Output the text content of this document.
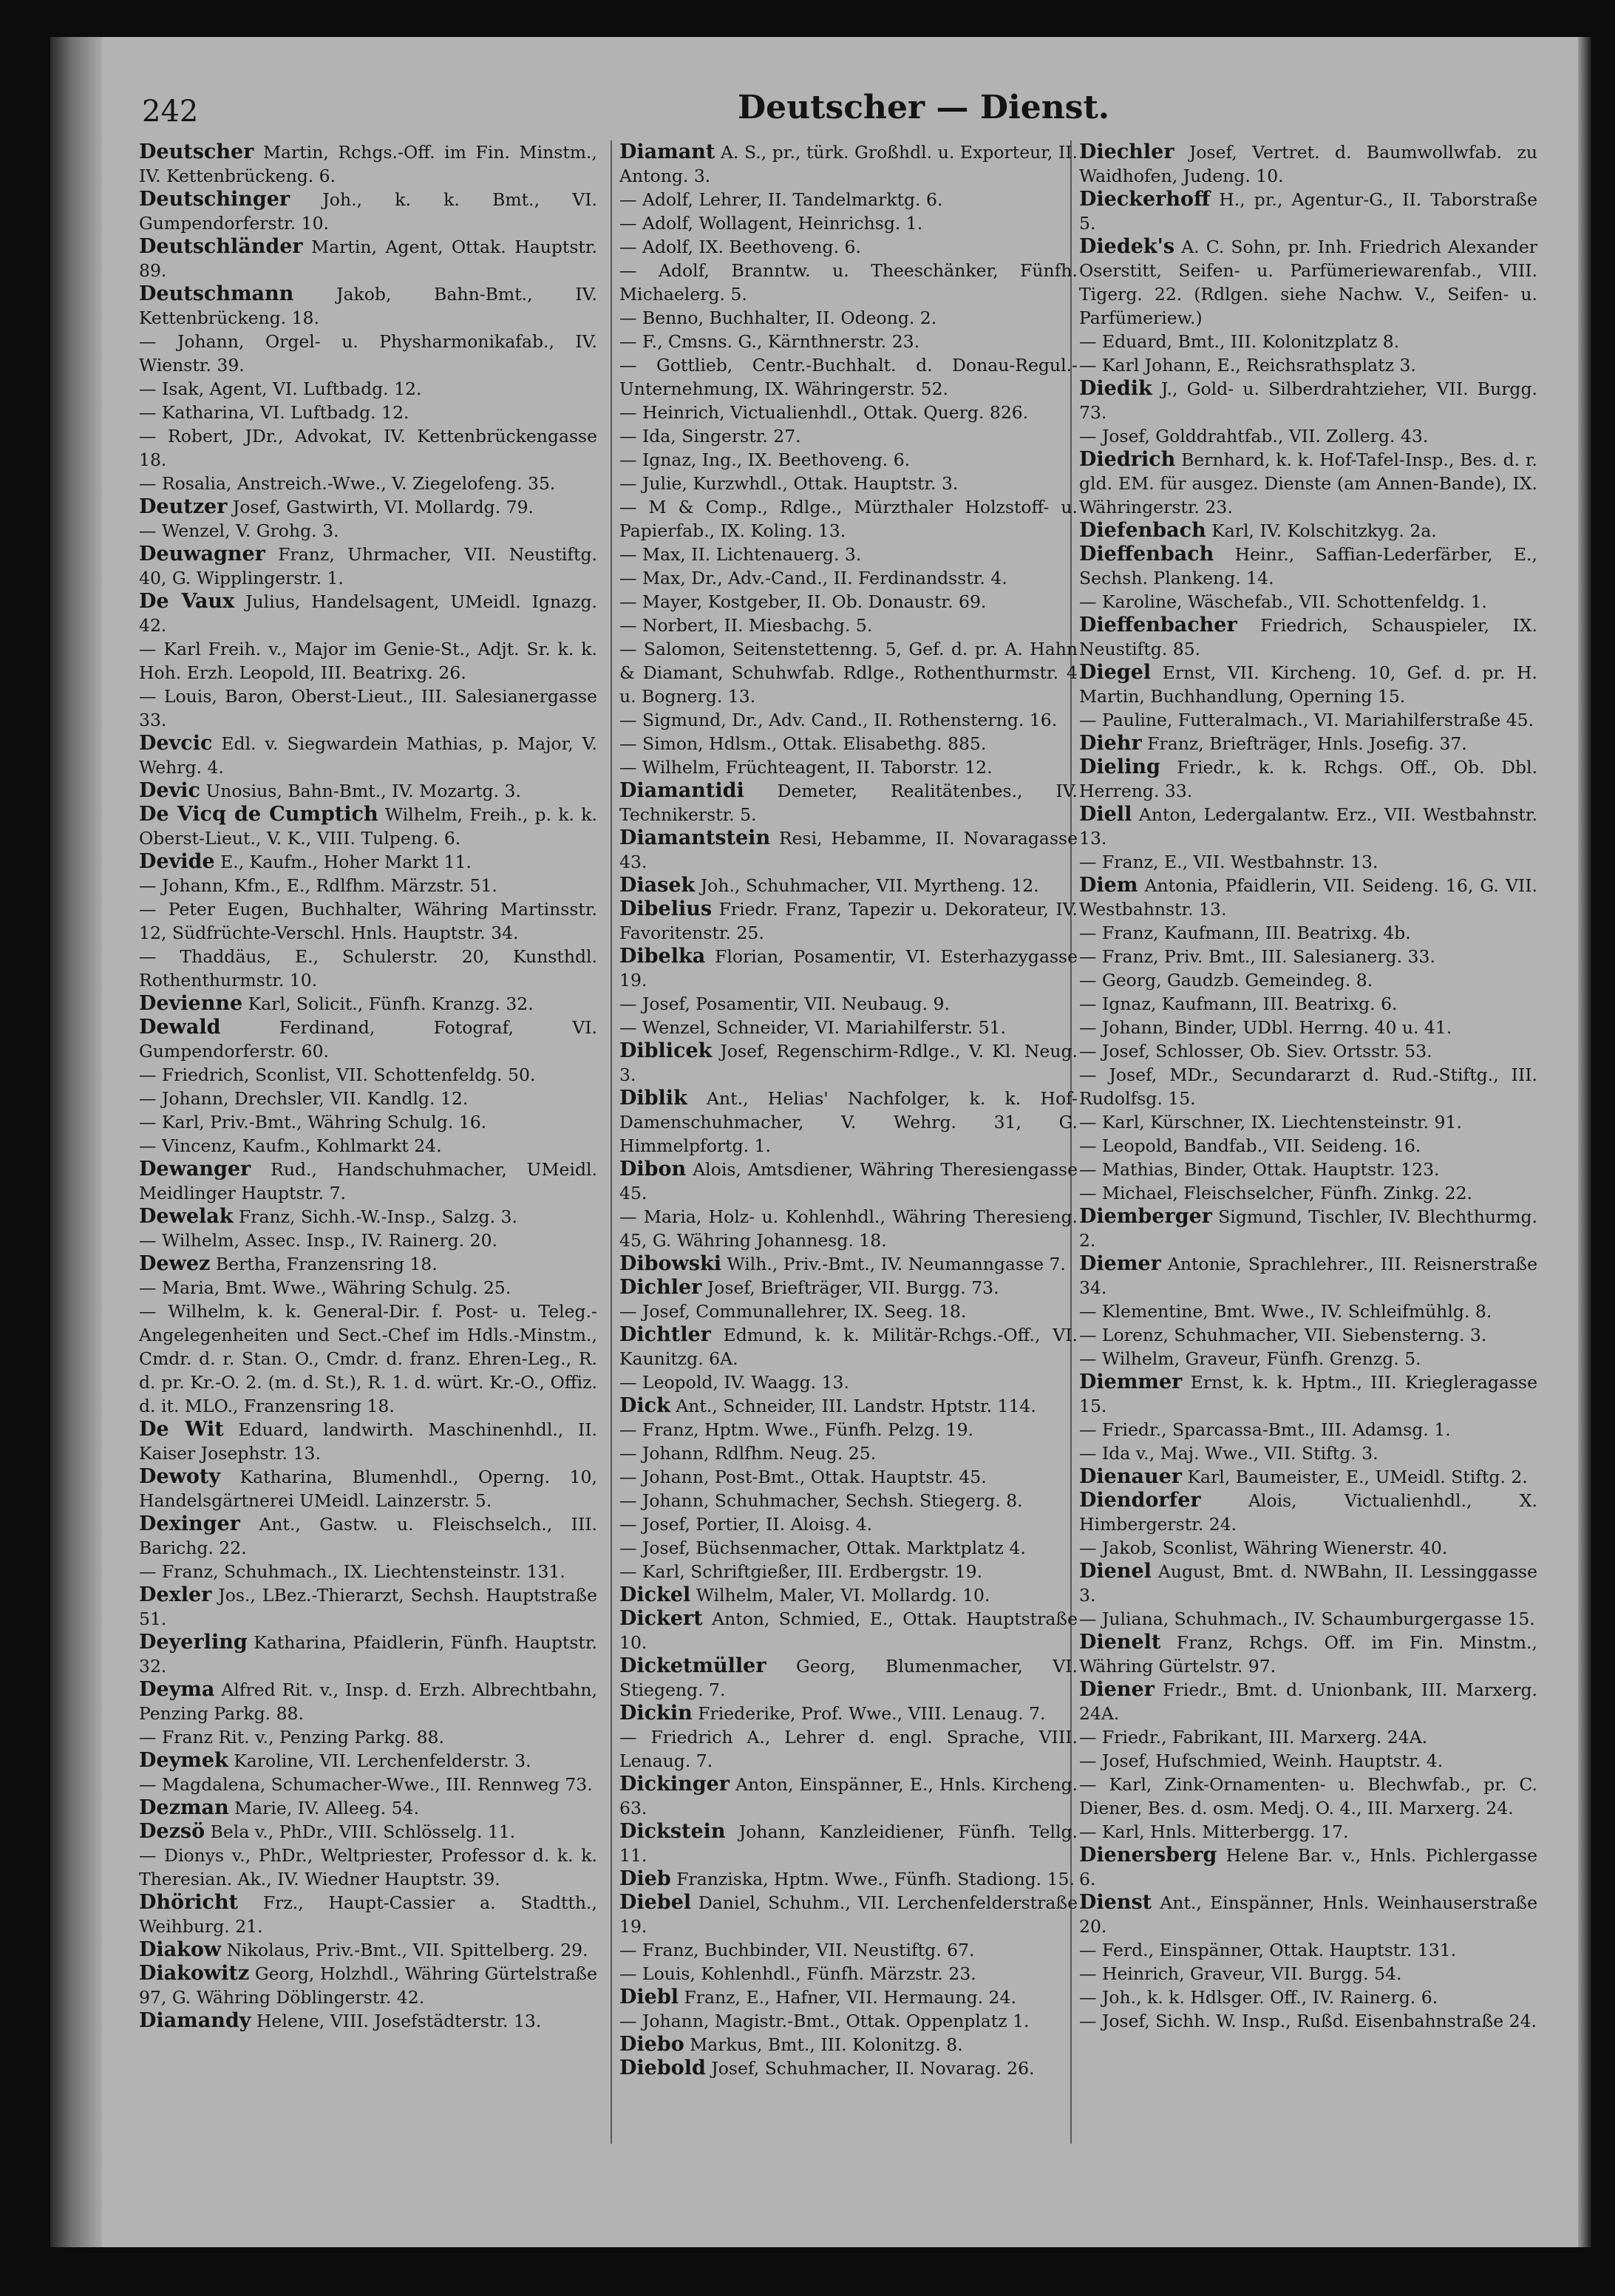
242	Deutscher — Dienst.

Deutscher Martin, Rchgs.-Off. im Fin. Minstm., IV. Kettenbrückeng. 6.

Deutschinger Joh., k. k. Bmt., VI. Gumpendorferstr. 10.

Deutschländer Martin, Agent, Ottak. Hauptstr. 89.

Deutschmann Jakob, Bahn-Bmt., IV. Kettenbrückeng. 18.

— Johann, Orgel- u. Physharmonikafab., IV. Wienstr. 39.

— Isak, Agent, VI. Luftbadg. 12.

— Katharina, VI. Luftbadg. 12.

— Robert, JDr., Advokat, IV. Kettenbrückengasse 18.

— Rosalia, Anstreich.-Wwe., V. Ziegelofeng. 35.

Deutzer Josef, Gastwirth, VI. Mollardg. 79.

— Wenzel, V. Grohg. 3.

Deuwagner Franz, Uhrmacher, VII. Neustiftg. 40, G. Wipplingerstr. 1.

De Vaux Julius, Handelsagent, UMeidl. Ignazg. 42.

— Karl Freih. v., Major im Genie-St., Adjt. Sr. k. k. Hoh. Erzh. Leopold, III. Beatrixg. 26.

— Louis, Baron, Oberst-Lieut., III. Salesianergasse 33.

Devcic Edl. v. Siegwardein Mathias, p. Major, V. Wehrg. 4.

Devic Unosius, Bahn-Bmt., IV. Mozartg. 3.

De Vicq de Cumptich Wilhelm, Freih., p. k. k. Oberst-Lieut., V. K., VIII. Tulpeng. 6.

Devide E., Kaufm., Hoher Markt 11.

— Johann, Kfm., E., Rdlfhm. Märzstr. 51.

— Peter Eugen, Buchhalter, Währing Martinsstr. 12, Südfrüchte-Verschl. Hnls. Hauptstr. 34.

— Thaddäus, E., Schulerstr. 20, Kunsthdl. Rothenthurmstr. 10.

Devienne Karl, Solicit., Fünfh. Kranzg. 32.

Dewald	Ferdinand, Fotograf, VI. Gumpendorferstr. 60.

— Friedrich, Sconlist, VII. Schottenfeldg. 50.

— Johann, Drechsler, VII. Kandlg. 12.

— Karl, Priv.-Bmt., Währing Schulg. 16.

— Vincenz, Kaufm., Kohlmarkt 24.

Dewanger Rud., Handschuhmacher, UMeidl. Meidlinger Hauptstr. 7.

Dewelak Franz, Sichh.-W.-Insp., Salzg. 3.

— Wilhelm, Assec. Insp., IV. Rainerg. 20.

Dewez Bertha, Franzensring 18.

— Maria, Bmt. Wwe., Währing Schulg. 25.

— Wilhelm, k. k. General-Dir. f. Post- u. Teleg.-Angelegenheiten und Sect.-Chef im Hdls.-Minstm., Cmdr. d. r. Stan. O., Cmdr. d. franz. Ehren-Leg., R. d. pr. Kr.-O. 2. (m. d. St.), R. 1. d. würt. Kr.-O., Offiz. d. it. MLO., Franzensring 18.

De Wit Eduard, landwirth. Maschinenhdl., II. Kaiser Josephstr. 13.

Dewoty Katharina, Blumenhdl., Operng. 10, Handelsgärtnerei UMeidl. Lainzerstr. 5.

Dexinger Ant., Gastw. u. Fleischselch., III. Barichg. 22.

— Franz, Schuhmach., IX. Liechtensteinstr. 131.

Dexler Jos., LBez.-Thierarzt, Sechsh. Hauptstraße 51.

Deyerling Katharina, Pfaidlerin, Fünfh. Hauptstr. 32.

Deyma Alfred Rit. v., Insp. d. Erzh. Albrechtbahn, Penzing Parkg. 88.

— Franz Rit. v., Penzing Parkg. 88.

Deymek Karoline, VII. Lerchenfelderstr. 3.

— Magdalena, Schumacher-Wwe., III. Rennweg 73.

Dezman Marie, IV. Alleeg. 54.

Dezsö Bela v., PhDr., VIII. Schlösselg. 11.

— Dionys v., PhDr., Weltpriester, Professor d. k. k. Theresian. Ak., IV. Wiedner Hauptstr. 39.

Dhöricht Frz., Haupt-Cassier a. Stadtth., Weihburg. 21.

Diakow Nikolaus, Priv.-Bmt., VII. Spittelberg. 29.

Diakowitz Georg, Holzhdl., Währing Gürtelstraße 97, G. Währing Döblingerstr. 42.

Diamandy Helene, VIII. Josefstädterstr. 13.

Diamant A. S., pr., türk. Großhdl. u. Exporteur, II. Antong. 3.

— Adolf, Lehrer, II. Tandelmarktg. 6.

— Adolf, Wollagent, Heinrichsg. 1.

— Adolf, IX. Beethoveng. 6.

— Adolf, Branntw. u. Theeschänker, Fünfh. Michaelerg. 5.

— Benno, Buchhalter, II. Odeong. 2.

— F., Cmsns. G., Kärnthnerstr. 23.

— Gottlieb, Centr.-Buchhalt. d. Donau-Regul.-Unternehmung, IX. Währingerstr. 52.

— Heinrich, Victualienhdl., Ottak. Querg. 826.

— Ida, Singerstr. 27.

— Ignaz, Ing., IX. Beethoveng. 6.

— Julie, Kurzwhdl., Ottak. Hauptstr. 3.

— M & Comp., Rdlge., Mürzthaler Holzstoff- u. Papierfab., IX. Koling. 13.

— Max, II. Lichtenauerg. 3.

— Max, Dr., Adv.-Cand., II. Ferdinandsstr. 4.

— Mayer, Kostgeber, II. Ob. Donaustr. 69.

— Norbert, II. Miesbachg. 5.

— Salomon, Seitenstettenng. 5, Gef. d. pr. A. Hahn & Diamant, Schuhwfab. Rdlge., Rothenthurmstr. 4 u. Bognerg. 13.

— Sigmund, Dr., Adv. Cand., II. Rothensterng. 16.

— Simon, Hdlsm., Ottak. Elisabethg. 885.

— Wilhelm, Früchteagent, II. Taborstr. 12.

Diamantidi Demeter, Realitätenbes., IV. Technikerstr. 5.

Diamantstein Resi, Hebamme, II. Novaragasse 43.

Diasek Joh., Schuhmacher, VII. Myrtheng. 12.

Dibelius Friedr. Franz, Tapezir u. Dekorateur, IV. Favoritenstr. 25.

Dibelka Florian, Posamentir, VI. Esterhazygasse 19.

— Josef, Posamentir, VII. Neubaug. 9.

— Wenzel, Schneider, VI. Mariahilferstr. 51.

Diblicek Josef, Regenschirm-Rdlge., V. Kl. Neug. 3.

Diblik Ant., Helias' Nachfolger, k. k. Hof-Damenschuhmacher, V. Wehrg. 31, G. Himmelpfortg. 1.

Dibon Alois, Amtsdiener, Währing Theresiengasse 45.

— Maria, Holz- u. Kohlenhdl., Währing Theresieng. 45, G. Währing Johannesg. 18.

Dibowski Wilh., Priv.-Bmt., IV. Neumanngasse 7.

Dichler Josef, Briefträger, VII. Burgg. 73.

— Josef, Communallehrer, IX. Seeg. 18.

Dichtler Edmund, k. k. Militär-Rchgs.-Off., VI. Kaunitzg. 6A.

— Leopold, IV. Waagg. 13.

Dick Ant., Schneider, III. Landstr. Hptstr. 114.

— Franz, Hptm. Wwe., Fünfh. Pelzg. 19.

— Johann, Rdlfhm. Neug. 25.

— Johann, Post-Bmt., Ottak. Hauptstr. 45.

— Johann, Schuhmacher, Sechsh. Stiegerg. 8.

— Josef, Portier, II. Aloisg. 4.

— Josef, Büchsenmacher, Ottak. Marktplatz 4.

— Karl, Schriftgießer, III. Erdbergstr. 19.

Dickel Wilhelm, Maler, VI. Mollardg. 10.

Dickert Anton, Schmied, E., Ottak. Hauptstraße 10.

Dicketmüller Georg, Blumenmacher, VI. Stiegeng. 7.

Dickin Friederike, Prof. Wwe., VIII. Lenaug. 7.

— Friedrich A., Lehrer d. engl. Sprache, VIII. Lenaug. 7.

Dickinger Anton, Einspänner, E., Hnls. Kircheng. 63.

Dickstein Johann, Kanzleidiener, Fünfh. Tellg. 11.

Dieb Franziska, Hptm. Wwe., Fünfh. Stadiong. 15.

Diebel Daniel, Schuhm., VII. Lerchenfelderstraße 19.

— Franz, Buchbinder, VII. Neustiftg. 67.

— Louis, Kohlenhdl., Fünfh. Märzstr. 23.

Diebl Franz, E., Hafner, VII. Hermaung. 24.

— Johann, Magistr.-Bmt., Ottak. Oppenplatz 1.

Diebo Markus, Bmt., III. Kolonitzg. 8.

Diebold Josef, Schuhmacher, II. Novarag. 26.

Diechler Josef, Vertret. d. Baumwollwfab. zu Waidhofen, Judeng. 10.

Dieckerhoff H., pr., Agentur-G., II. Taborstraße 5.

Diedek's A. C. Sohn, pr. Inh. Friedrich Alexander Oserstitt, Seifen- u. Parfümeriewarenfab., VIII. Tigerg. 22. (Rdlgen. siehe Nachw. V., Seifen- u. Parfümeriew.)

— Eduard, Bmt., III. Kolonitzplatz 8.

— Karl Johann, E., Reichsrathsplatz 3.

Diedik J., Gold- u. Silberdrahtzieher, VII. Burgg. 73.

— Josef, Golddrahtfab., VII. Zollerg. 43.

Diedrich Bernhard, k. k. Hof-Tafel-Insp., Bes. d. r. gld. EM. für ausgez. Dienste (am Annen-Bande), IX. Währingerstr. 23.

Diefenbach Karl, IV. Kolschitzkyg. 2a.

Dieffenbach Heinr., Saffian-Lederfärber, E., Sechsh. Plankeng. 14.

— Karoline, Wäschefab., VII. Schottenfeldg. 1.

Dieffenbacher Friedrich, Schauspieler, IX. Neustiftg. 85.

Diegel Ernst, VII. Kircheng. 10, Gef. d. pr. H. Martin, Buchhandlung, Operning 15.

— Pauline, Futteralmach., VI. Mariahilferstraße 45.

Diehr Franz, Briefträger, Hnls. Josefig. 37.

Dieling Friedr., k. k. Rchgs. Off., Ob. Dbl. Herreng. 33.

Diell Anton, Ledergalantw. Erz., VII. Westbahnstr. 13.

— Franz, E., VII. Westbahnstr. 13.

Diem Antonia, Pfaidlerin, VII. Seideng. 16, G. VII. Westbahnstr. 13.

— Franz, Kaufmann, III. Beatrixg. 4b.

— Franz, Priv. Bmt., III. Salesianerg. 33.

— Georg, Gaudzb. Gemeindeg. 8.

— Ignaz, Kaufmann, III. Beatrixg. 6.

— Johann, Binder, UDbl. Herrng. 40 u. 41.

— Josef, Schlosser, Ob. Siev. Ortsstr. 53.

— Josef, MDr., Secundararzt d. Rud.-Stiftg., III. Rudolfsg. 15.

— Karl, Kürschner, IX. Liechtensteinstr. 91.

— Leopold, Bandfab., VII. Seideng. 16.

— Mathias, Binder, Ottak. Hauptstr. 123.

— Michael, Fleischselcher, Fünfh. Zinkg. 22.

Diemberger Sigmund, Tischler, IV. Blechthurmg. 2.

Diemer Antonie, Sprachlehrer., III. Reisnerstraße 34.

— Klementine, Bmt. Wwe., IV. Schleifmühlg. 8.

— Lorenz, Schuhmacher, VII. Siebensterng. 3.

— Wilhelm, Graveur, Fünfh. Grenzg. 5.

Diemmer Ernst, k. k. Hptm., III. Kriegleragasse 15.

— Friedr., Sparcassa-Bmt., III. Adamsg. 1.

— Ida v., Maj. Wwe., VII. Stiftg. 3.

Dienauer Karl, Baumeister, E., UMeidl. Stiftg. 2.

Diendorfer	Alois, Victualienhdl., X. Himbergerstr. 24.

— Jakob, Sconlist, Währing Wienerstr. 40.

Dienel August, Bmt. d. NWBahn, II. Lessinggasse 3.

— Juliana, Schuhmach., IV. Schaumburgergasse 15.

Dienelt Franz, Rchgs. Off. im Fin. Minstm., Währing Gürtelstr. 97.

Diener Friedr., Bmt. d. Unionbank, III. Marxerg. 24A.

— Friedr., Fabrikant, III. Marxerg. 24A.

— Josef, Hufschmied, Weinh. Hauptstr. 4.

— Karl, Zink-Ornamenten- u. Blechwfab., pr. C. Diener, Bes. d. osm. Medj. O. 4., III. Marxerg. 24.

— Karl, Hnls. Mitterbergg. 17.

Dienersberg Helene Bar. v., Hnls. Pichlergasse 6.

Dienst Ant., Einspänner, Hnls. Weinhauserstraße 20.

— Ferd., Einspänner, Ottak. Hauptstr. 131.

— Heinrich, Graveur, VII. Burgg. 54.

— Joh., k. k. Hdlsger. Off., IV. Rainerg. 6.

— Josef, Sichh. W. Insp., Rußd. Eisenbahnstraße 24.
